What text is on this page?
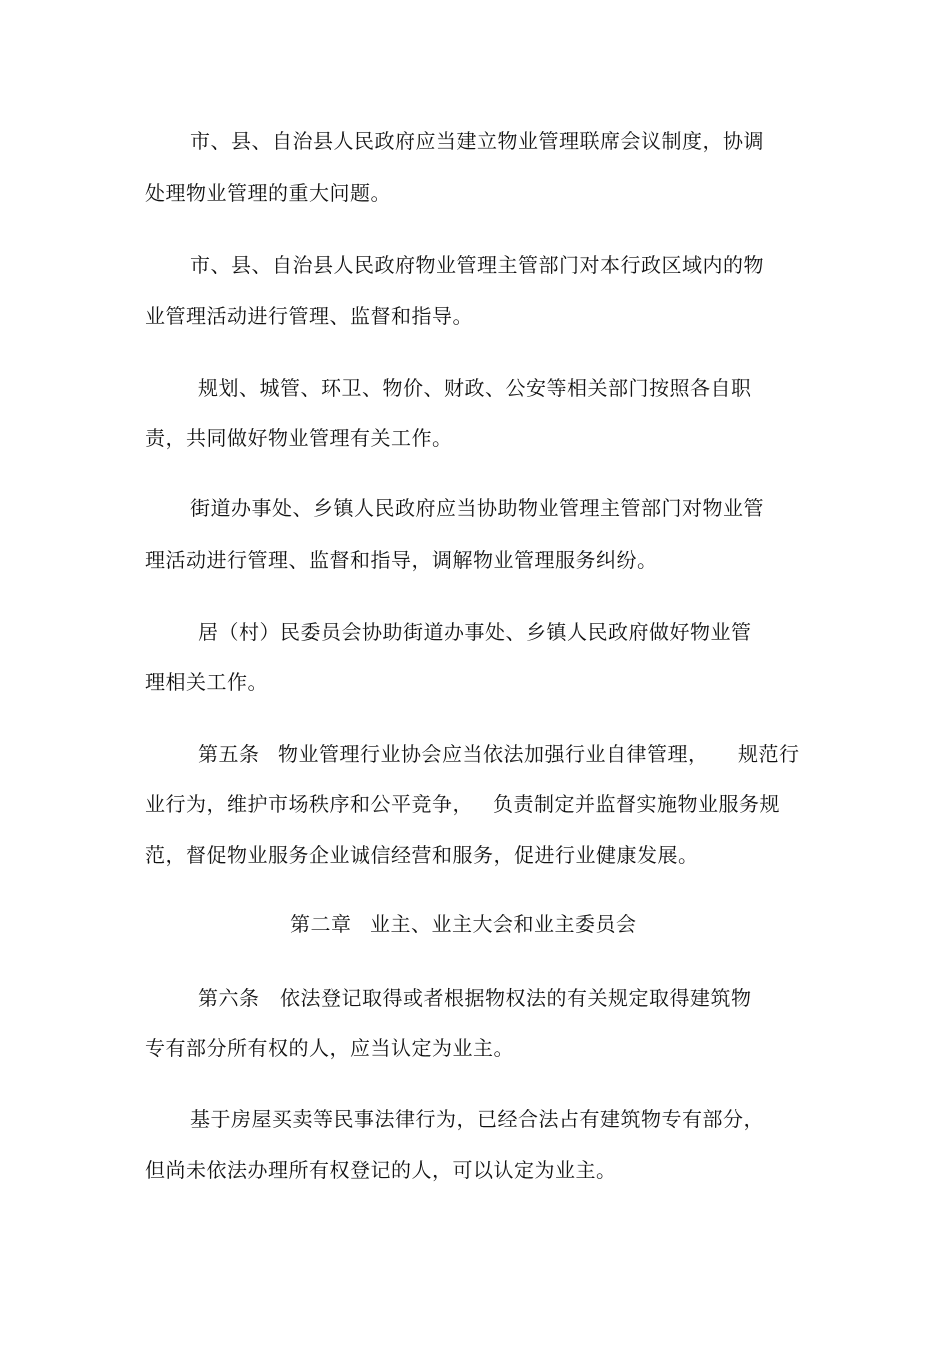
市、县、自治县人民政府应当建立物业管理联席会议制度，协调
处理物业管理的重大问题。
市、县、自治县人民政府物业管理主管部门对本行政区域内的物
业管理活动进行管理、监督和指导。
规划、城管、环卫、物价、财政、公安等相关部门按照各自职
责，共同做好物业管理有关工作。
街道办事处、乡镇人民政府应当协助物业管理主管部门对物业管
理活动进行管理、监督和指导，调解物业管理服务纠纷。
居（村）民委员会协助街道办事处、乡镇人民政府做好物业管
理相关工作。
第五条 物业管理行业协会应当依法加强行业自律管理， 规范行
业行为，维护市场秩序和公平竞争， 负责制定并监督实施物业服务规
范，督促物业服务企业诚信经营和服务，促进行业健康发展。
第二章 业主、业主大会和业主委员会
第六条 依法登记取得或者根据物权法的有关规定取得建筑物
专有部分所有权的人，应当认定为业主。
基于房屋买卖等民事法律行为，已经合法占有建筑物专有部分，
但尚未依法办理所有权登记的人，可以认定为业主。
